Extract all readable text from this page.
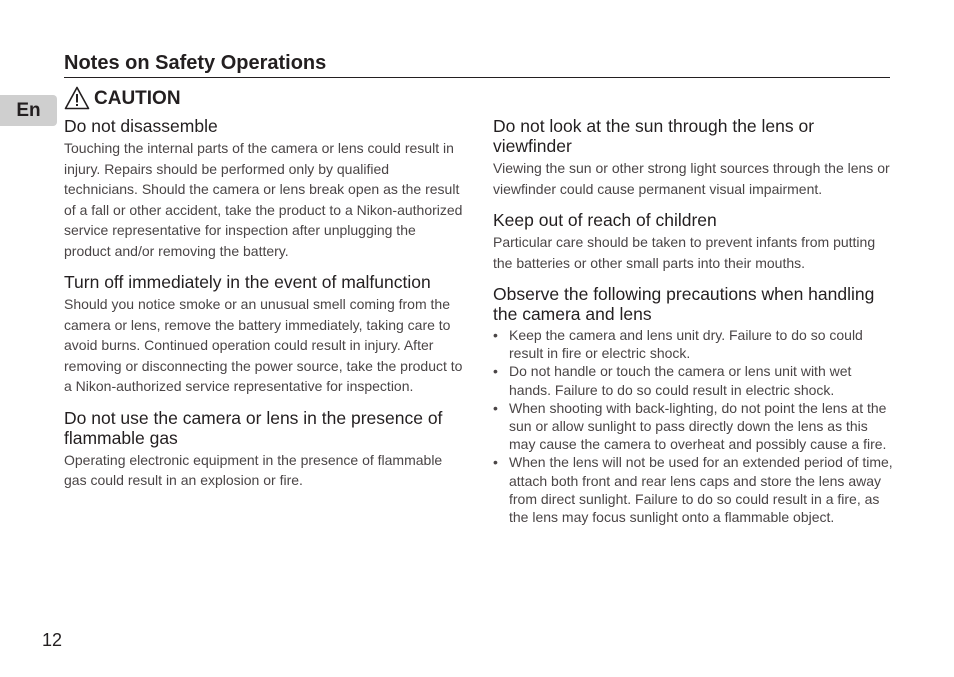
En
Notes on Safety Operations
CAUTION
Do not disassemble

Touching the internal parts of the camera or lens could result in injury. Repairs should be performed only by qualified technicians. Should the camera or lens break open as the result of a fall or other accident, take the product to a Nikon-authorized service representative for inspection after unplugging the product and/or removing the battery.

Turn off immediately in the event of malfunction

Should you notice smoke or an unusual smell coming from the camera or lens, remove the battery immediately, taking care to avoid burns. Continued operation could result in injury. After removing or disconnecting the power source, take the product to a Nikon-authorized service representative for inspection.

Do not use the camera or lens in the presence of flammable gas

Operating electronic equipment in the presence of flammable gas could result in an explosion or fire.

Do not look at the sun through the lens or viewfinder

Viewing the sun or other strong light sources through the lens or viewfinder could cause permanent visual impairment.

Keep out of reach of children

Particular care should be taken to prevent infants from putting the batteries or other small parts into their mouths.

Observe the following precautions when handling the camera and lens
• Keep the camera and lens unit dry. Failure to do so could result in fire or electric shock.
• Do not handle or touch the camera or lens unit with wet hands. Failure to do so could result in electric shock.
• When shooting with back-lighting, do not point the lens at the sun or allow sunlight to pass directly down the lens as this may cause the camera to overheat and possibly cause a fire.
• When the lens will not be used for an extended period of time, attach both front and rear lens caps and store the lens away from direct sunlight. Failure to do so could result in a fire, as the lens may focus sunlight onto a flammable object.
12
